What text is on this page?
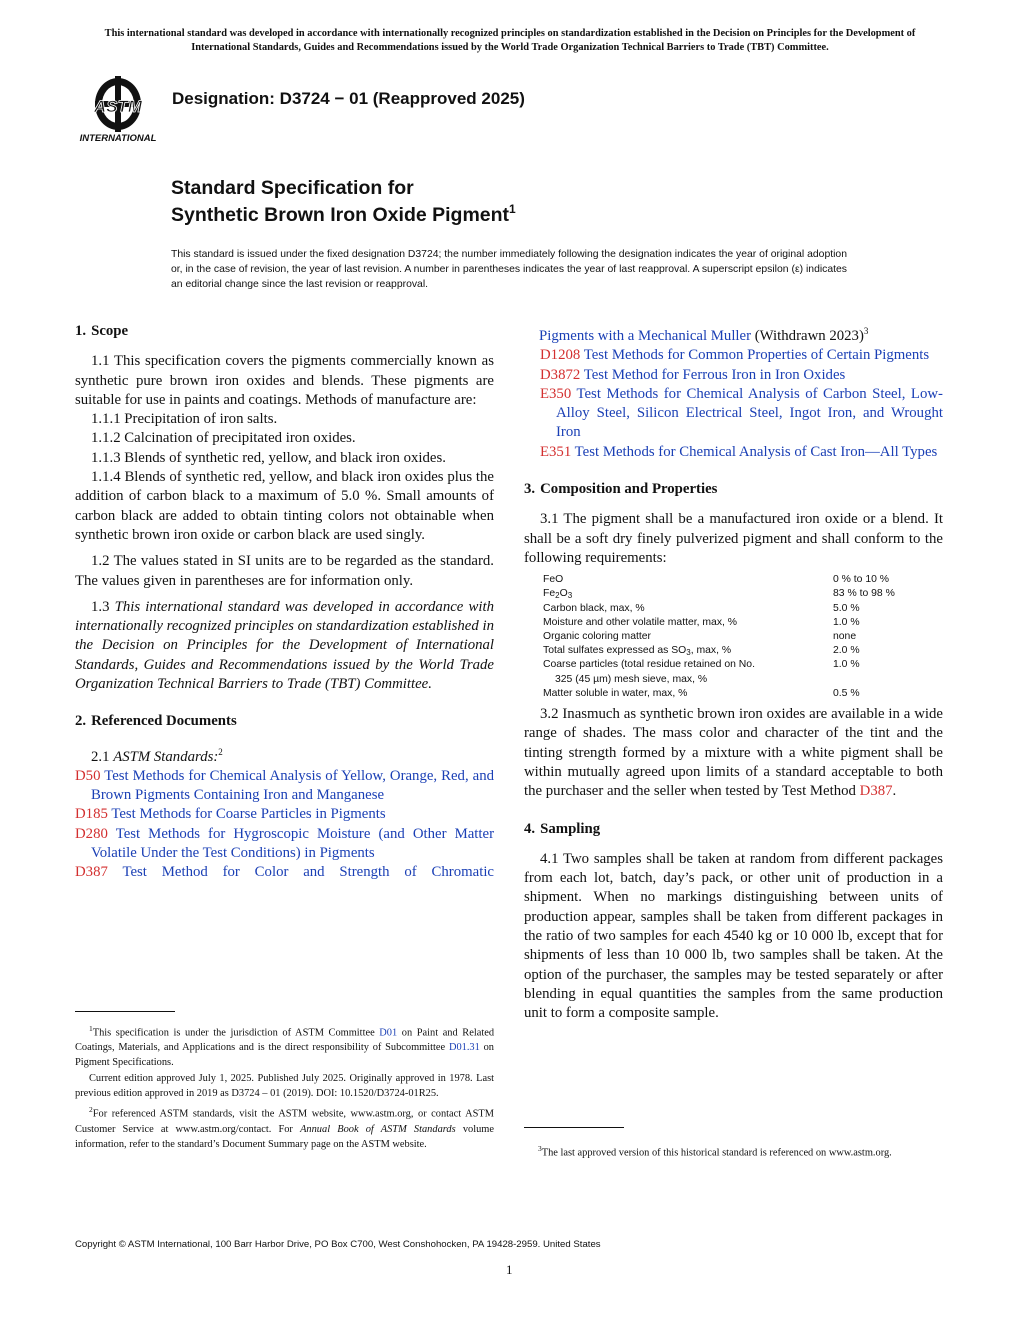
This international standard was developed in accordance with internationally recognized principles on standardization established in the Decision on Principles for the Development of International Standards, Guides and Recommendations issued by the World Trade Organization Technical Barriers to Trade (TBT) Committee.
ASTM
INTERNATIONAL
Designation: D3724 − 01 (Reapproved 2025)
Standard Specification for
Synthetic Brown Iron Oxide Pigment$^1$
This standard is issued under the fixed designation D3724; the number immediately following the designation indicates the year of original adoption or, in the case of revision, the year of last revision. A number in parentheses indicates the year of last reapproval. A superscript epsilon (ε) indicates an editorial change since the last revision or reapproval.
1. Scope

1.1 This specification covers the pigments commercially known as synthetic pure brown iron oxides and blends. These pigments are suitable for use in paints and coatings. Methods of manufacture are:

1.1.1 Precipitation of iron salts.

1.1.2 Calcination of precipitated iron oxides.

1.1.3 Blends of synthetic red, yellow, and black iron oxides.

1.1.4 Blends of synthetic red, yellow, and black iron oxides plus the addition of carbon black to a maximum of 5.0 %. Small amounts of carbon black are added to obtain tinting colors not obtainable when synthetic brown iron oxide or carbon black are used singly.

1.2 The values stated in SI units are to be regarded as the standard. The values given in parentheses are for information only.

1.3 This international standard was developed in accordance with internationally recognized principles on standardization established in the Decision on Principles for the Development of International Standards, Guides and Recommendations issued by the World Trade Organization Technical Barriers to Trade (TBT) Committee.

2. Referenced Documents

2.1 ASTM Standards:$^2$

D50 Test Methods for Chemical Analysis of Yellow, Orange, Red, and Brown Pigments Containing Iron and Manganese

D185 Test Methods for Coarse Particles in Pigments

D280 Test Methods for Hygroscopic Moisture (and Other Matter Volatile Under the Test Conditions) in Pigments

D387 Test Method for Color and Strength of Chromatic

$^1$This specification is under the jurisdiction of ASTM Committee D01 on Paint and Related Coatings, Materials, and Applications and is the direct responsibility of Subcommittee D01.31 on Pigment Specifications.

Current edition approved July 1, 2025. Published July 2025. Originally approved in 1978. Last previous edition approved in 2019 as D3724 – 01 (2019). DOI: 10.1520/D3724-01R25.

$^2$For referenced ASTM standards, visit the ASTM website, www.astm.org, or contact ASTM Customer Service at www.astm.org/contact. For Annual Book of ASTM Standards volume information, refer to the standard’s Document Summary page on the ASTM website.

Pigments with a Mechanical Muller (Withdrawn 2023)$^3$

D1208 Test Methods for Common Properties of Certain Pigments

D3872 Test Method for Ferrous Iron in Iron Oxides

E350 Test Methods for Chemical Analysis of Carbon Steel, Low-Alloy Steel, Silicon Electrical Steel, Ingot Iron, and Wrought Iron

E351 Test Methods for Chemical Analysis of Cast Iron—All Types

3. Composition and Properties

3.1 The pigment shall be a manufactured iron oxide or a blend. It shall be a soft dry finely pulverized pigment and shall conform to the following requirements:

FeO	0 % to 10 %
$Fe_2O_3$	83 % to 98 %
Carbon black, max, %	5.0 %
Moisture and other volatile matter, max, %	1.0 %
Organic coloring matter	none
Total sulfates expressed as $SO_3$, max, %	2.0 %

Coarse particles (total residue retained on No.
325 (45 µm) mesh sieve, max, %	1.0 %
Matter soluble in water, max, %	0.5 %

3.2 Inasmuch as synthetic brown iron oxides are available in a wide range of shades. The mass color and character of the tint and the tinting strength formed by a mixture with a white pigment shall be within mutually agreed upon limits of a standard acceptable to both the purchaser and the seller when tested by Test Method D387.

4. Sampling

4.1 Two samples shall be taken at random from different packages from each lot, batch, day’s pack, or other unit of production in a shipment. When no markings distinguishing between units of production appear, samples shall be taken from different packages in the ratio of two samples for each 4540 kg or 10 000 lb, except that for shipments of less than 10 000 lb, two samples shall be taken. At the option of the purchaser, the samples may be tested separately or after blending in equal quantities the samples from the same production unit to form a composite sample.

$^3$The last approved version of this historical standard is referenced on www.astm.org.

Copyright © ASTM International, 100 Barr Harbor Drive, PO Box C700, West Conshohocken, PA 19428-2959. United States
1
